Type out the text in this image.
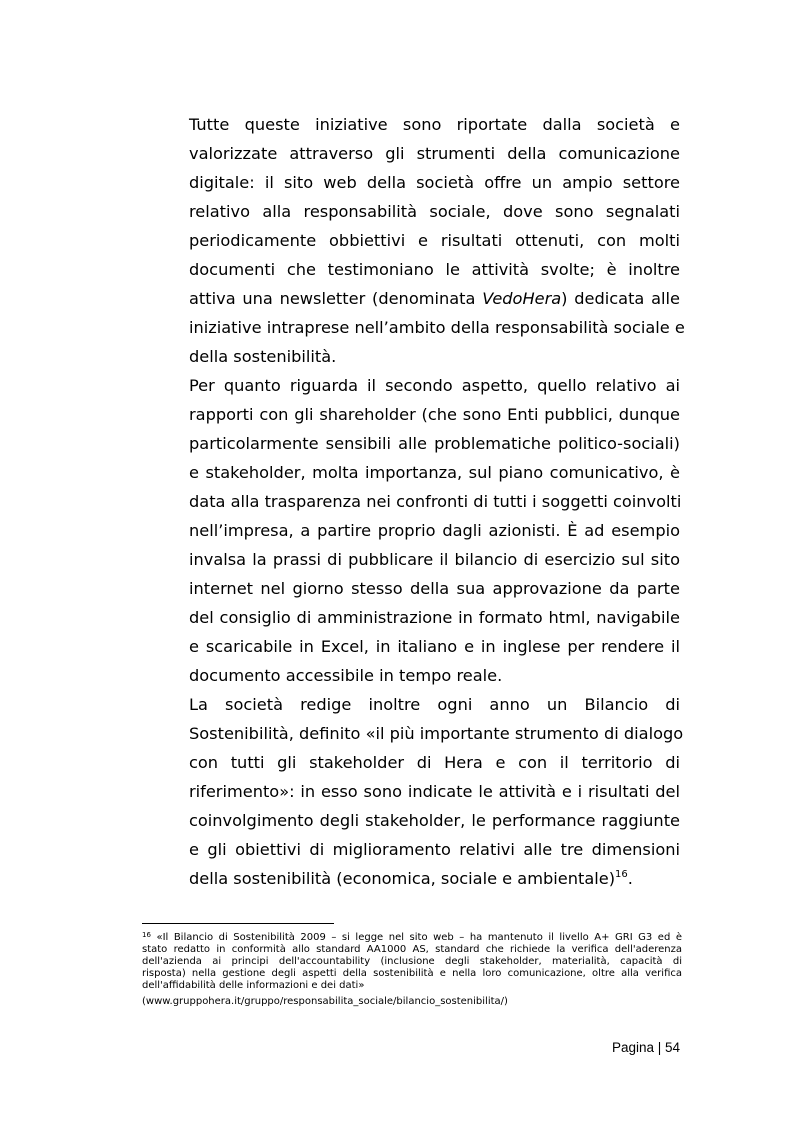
Tutte queste iniziative sono riportate dalla società e
valorizzate attraverso gli strumenti della comunicazione
digitale: il sito web della società offre un ampio settore
relativo alla responsabilità sociale, dove sono segnalati
periodicamente obbiettivi e risultati ottenuti, con molti
documenti che testimoniano le attività svolte; è inoltre
attiva una newsletter (denominata VedoHera) dedicata alle
iniziative intraprese nell’ambito della responsabilità sociale e
della sostenibilità.
Per quanto riguarda il secondo aspetto, quello relativo ai
rapporti con gli shareholder (che sono Enti pubblici, dunque
particolarmente sensibili alle problematiche politico-sociali)
e stakeholder, molta importanza, sul piano comunicativo, è
data alla trasparenza nei confronti di tutti i soggetti coinvolti
nell’impresa, a partire proprio dagli azionisti. È ad esempio
invalsa la prassi di pubblicare il bilancio di esercizio sul sito
internet nel giorno stesso della sua approvazione da parte
del consiglio di amministrazione in formato html, navigabile
e scaricabile in Excel, in italiano e in inglese per rendere il
documento accessibile in tempo reale.
La società redige inoltre ogni anno un Bilancio di
Sostenibilità, definito «il più importante strumento di dialogo
con tutti gli stakeholder di Hera e con il territorio di
riferimento»: in esso sono indicate le attività e i risultati del
coinvolgimento degli stakeholder, le performance raggiunte
e gli obiettivi di miglioramento relativi alle tre dimensioni
della sostenibilità (economica, sociale e ambientale)$^{16}$.
$^{16}$ «Il Bilancio di Sostenibilità 2009 – si legge nel sito web – ha mantenuto il livello A+ GRI G3 ed è
stato redatto in conformità allo standard AA1000 AS, standard che richiede la verifica dell'aderenza
dell'azienda ai principi dell'accountability (inclusione degli stakeholder, materialità, capacità di
risposta) nella gestione degli aspetti della sostenibilità e nella loro comunicazione, oltre alla verifica
dell'affidabilità delle informazioni e dei dati»
(www.gruppohera.it/gruppo/responsabilita_sociale/bilancio_sostenibilita/)
Pagina | 54
